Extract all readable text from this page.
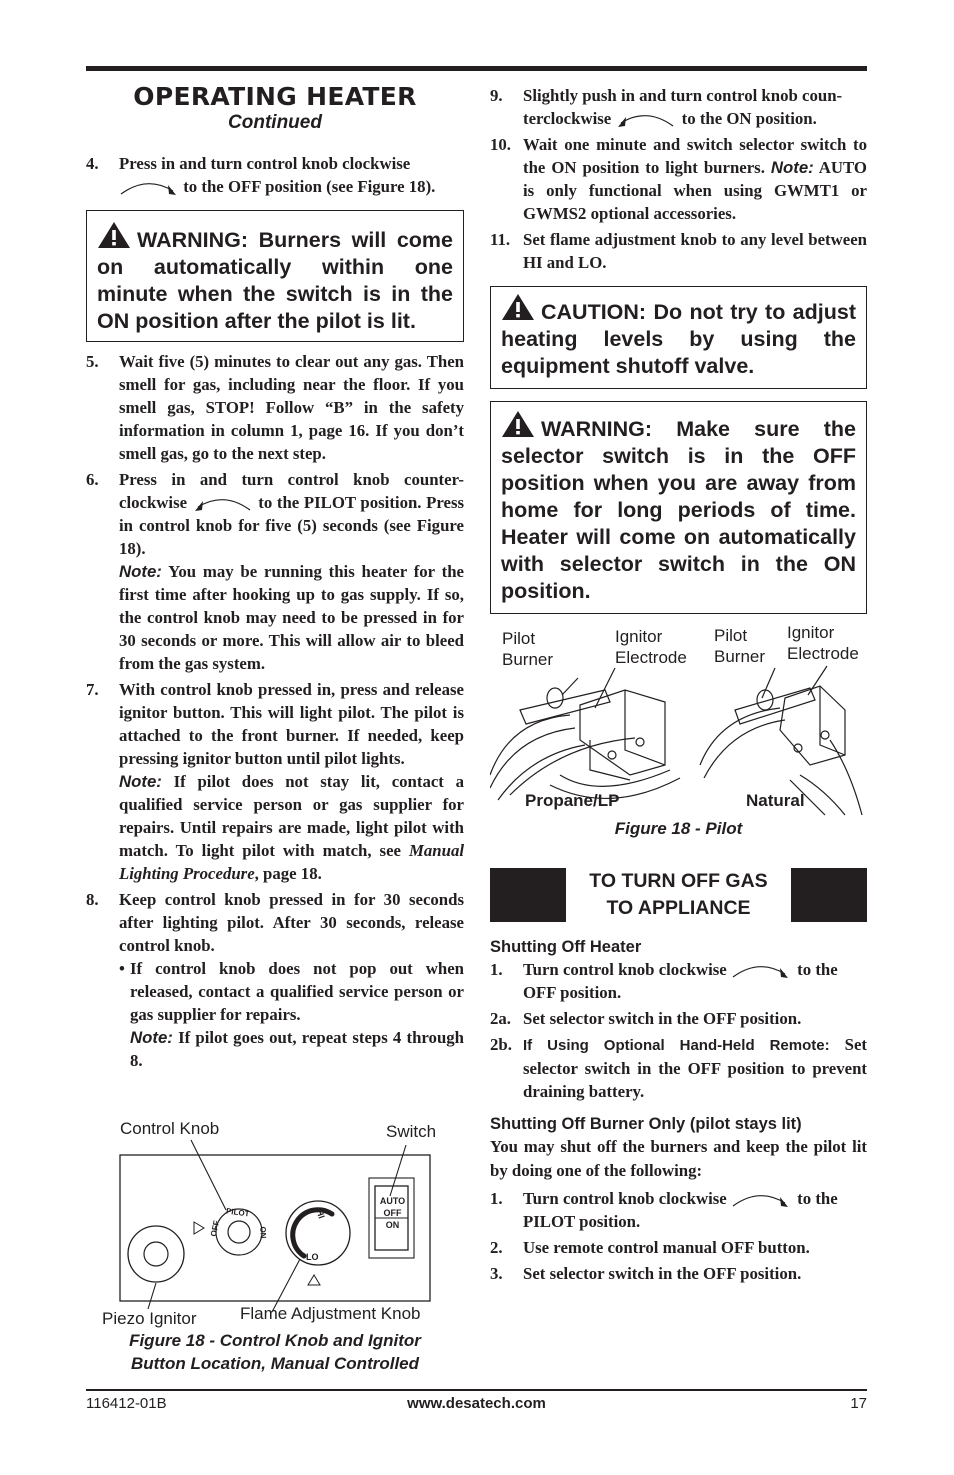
OPERATING HEATER
Continued
4.	Press in and turn control knob clockwise
to the OFF position (see Figure 18).
WARNING: Burners will come on automatically within one minute when the switch is in the ON position after the pilot is lit.
5.	Wait five (5) minutes to clear out any gas. Then smell for gas, including near the floor. If you smell gas, STOP! Follow “B” in the safety information in column 1, page 16. If you don’t smell gas, go to the next step.
6.	Press in and turn control knob counter-clockwise	to the PILOT position. Press in control knob for five (5) seconds (see Figure 18).
Note: You may be running this heater for the first time after hooking up to gas supply. If so, the control knob may need to be pressed in for 30 seconds or more. This will allow air to bleed from the gas system.
7.	With control knob pressed in, press and release ignitor button. This will light pilot. The pilot is attached to the front burner. If needed, keep pressing ignitor button until pilot lights.
Note: If pilot does not stay lit, contact a qualified service person or gas supplier for repairs. Until repairs are made, light pilot with match. To light pilot with match, see Manual Lighting Procedure, page 18.
8.	Keep control knob pressed in for 30 seconds after lighting pilot. After 30 seconds, release control knob.
• If control knob does not pop out when released, contact a qualified service person or gas supplier for repairs.
Note: If pilot goes out, repeat steps 4 through 8.
Control Knob	Switch
AUTO
OFF
ON
PILOT
OFF	ON
HI
LO
Piezo Ignitor	Flame Adjustment Knob
Figure 18 - Control Knob and Ignitor
Button Location, Manual Controlled
9.	Slightly push in and turn control knob coun-
terclockwise	to the ON position.
10. Wait one minute and switch selector switch to the ON position to light burners. Note: AUTO is only functional when using GWMT1 or GWMS2 optional accessories.
11. Set flame adjustment knob to any level between HI and LO.
CAUTION: Do not try to adjust heating levels by using the equipment shutoff valve.
WARNING: Make sure the selector switch is in the OFF position when you are away from home for long periods of time. Heater will come on automatically with selector switch in the ON position.
Pilot
Burner
Ignitor
Electrode
Pilot
Burner
Ignitor
Electrode
Propane/LP	Natural
Figure 18 - Pilot
TO TURN OFF GAS
TO APPLIANCE
Shutting Off Heater
1.	Turn control knob clockwise	to the
OFF position.
2a. Set selector switch in the OFF position.
2b. If Using Optional Hand-Held Remote: Set selector switch in the OFF position to prevent draining battery.
Shutting Off Burner Only (pilot stays lit)
You may shut off the burners and keep the pilot lit by doing one of the following:
1.	Turn control knob clockwise	to the
PILOT position.
2.	Use remote control manual OFF button.
3.	Set selector switch in the OFF position.
116412-01B	www.desatech.com	17
